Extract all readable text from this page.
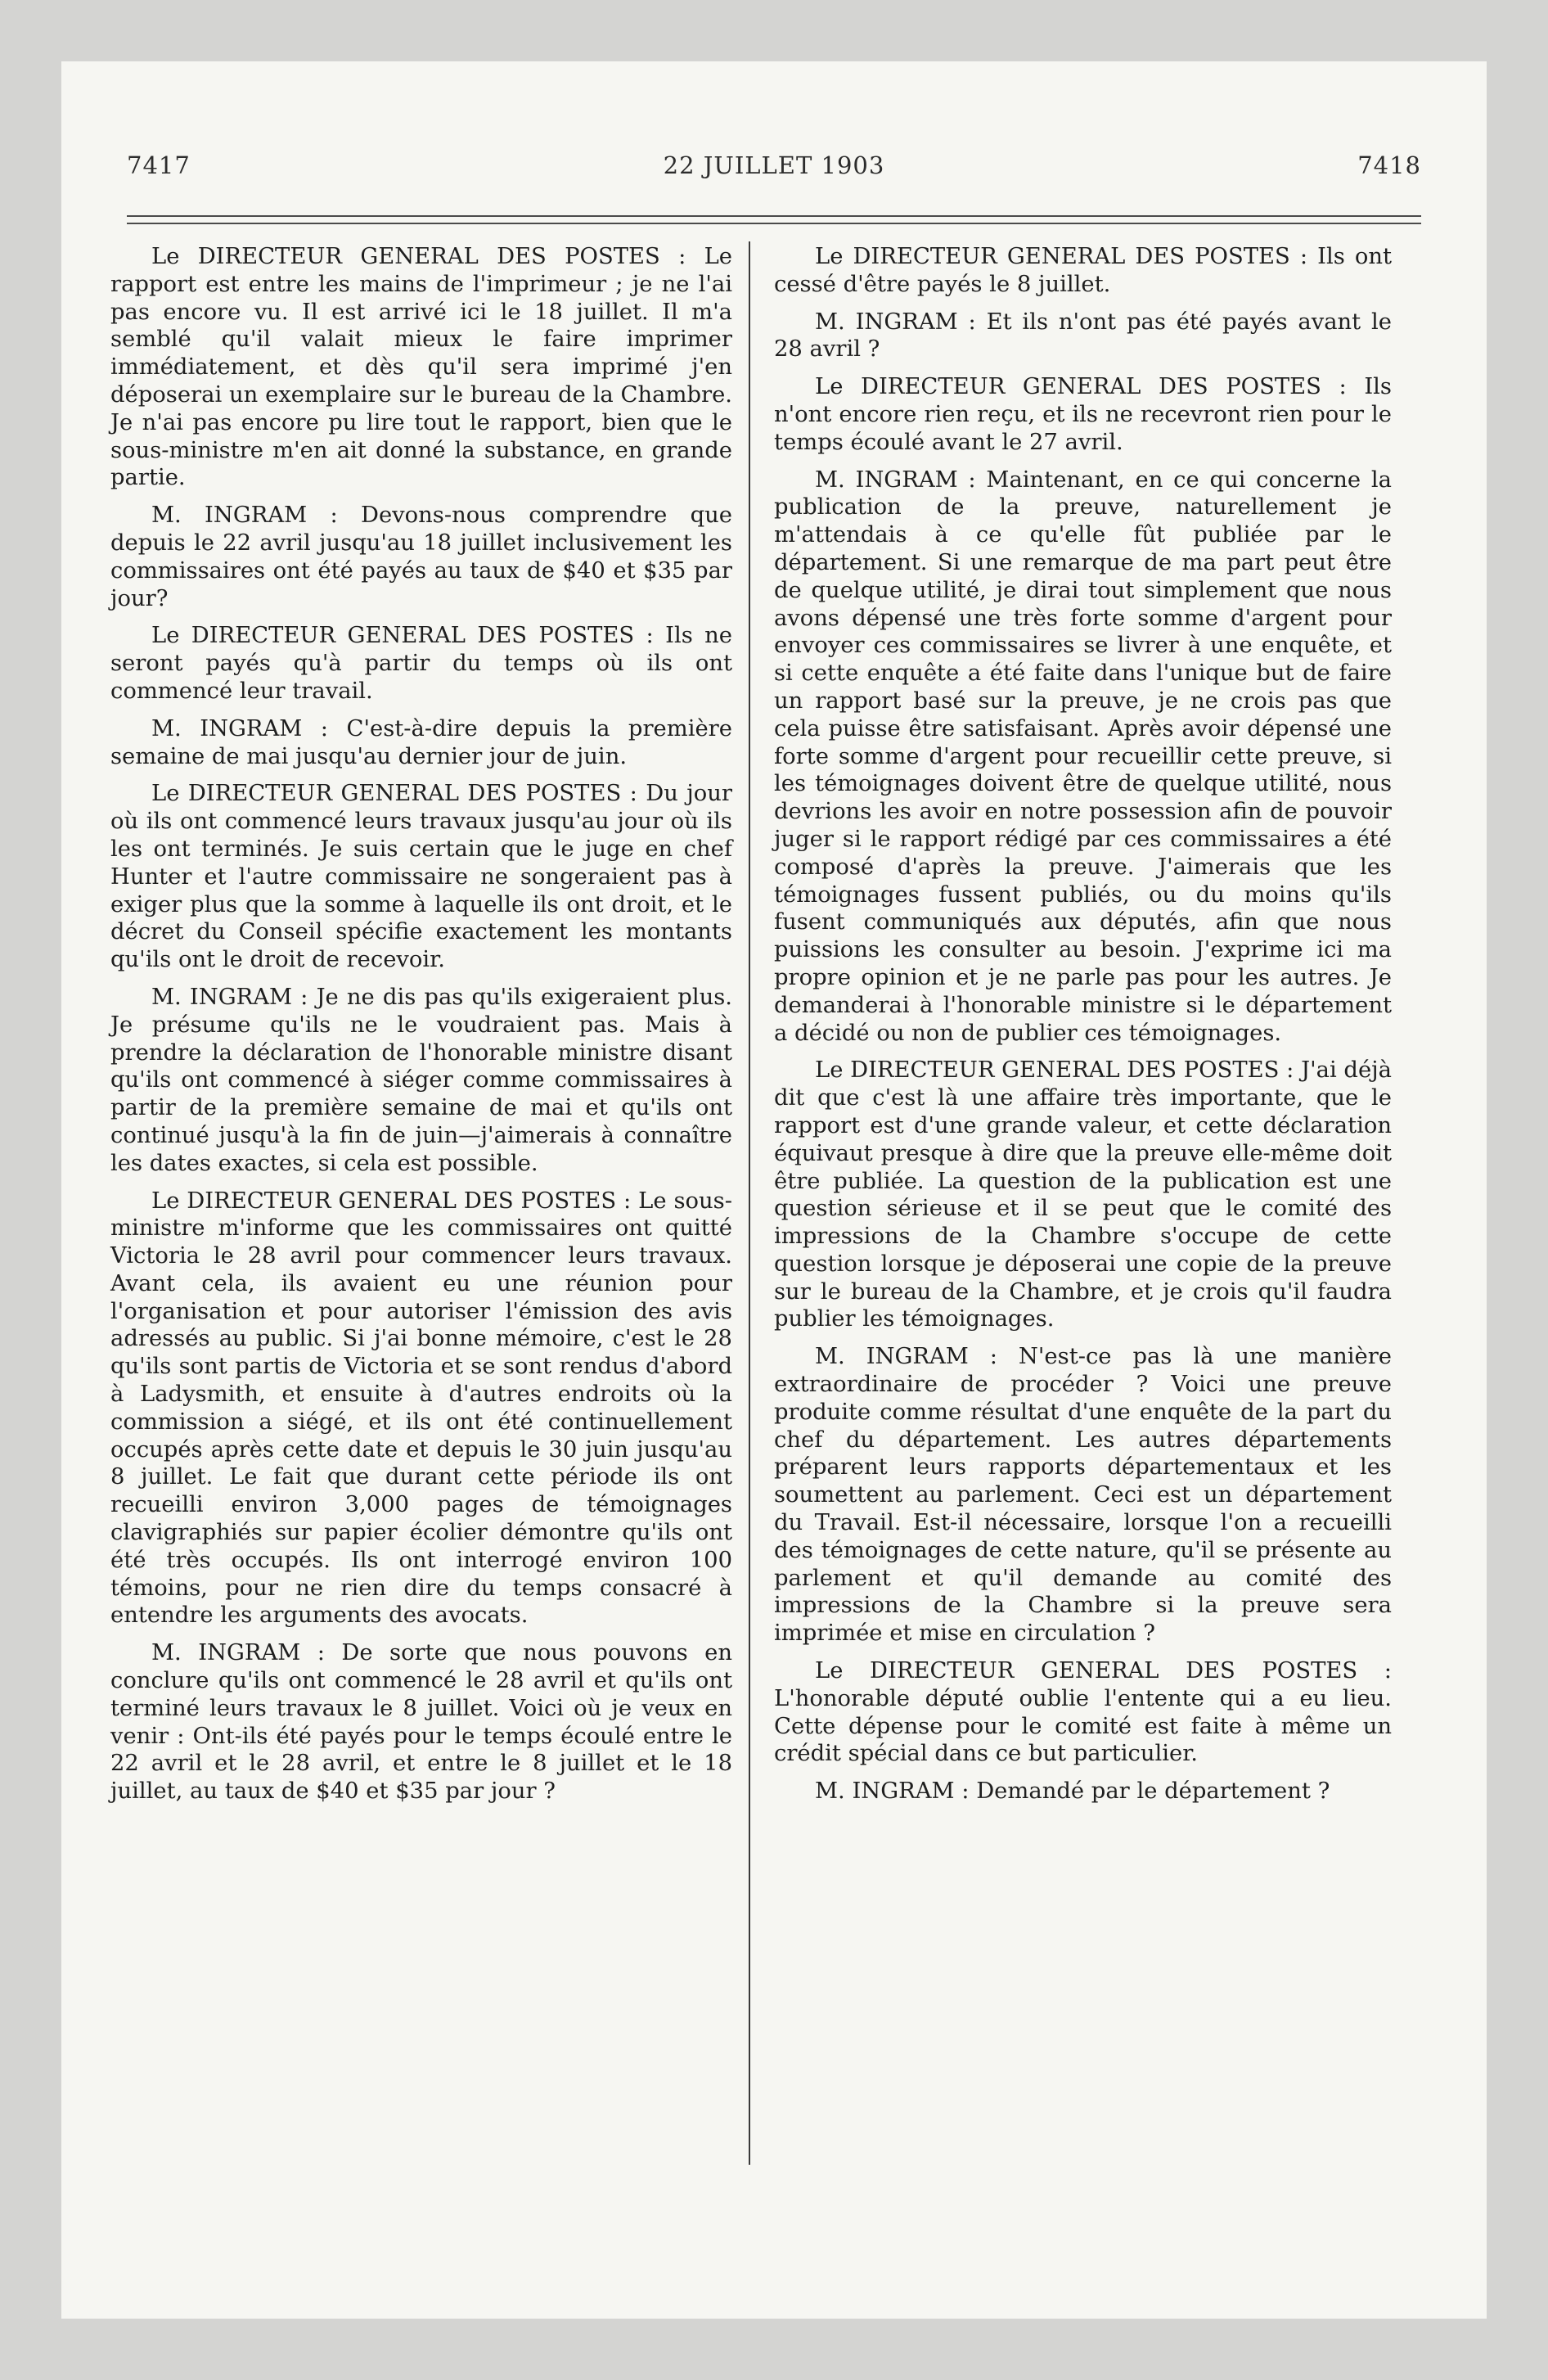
7417	22 JUILLET 1903	7418

Le DIRECTEUR GENERAL DES POSTES : Le rapport est entre les mains de l'imprimeur ; je ne l'ai pas encore vu. Il est arrivé ici le 18 juillet. Il m'a semblé qu'il valait mieux le faire imprimer immédiatement, et dès qu'il sera imprimé j'en déposerai un exemplaire sur le bureau de la Chambre. Je n'ai pas encore pu lire tout le rapport, bien que le sous-ministre m'en ait donné la substance, en grande partie.

M. INGRAM : Devons-nous comprendre que depuis le 22 avril jusqu'au 18 juillet inclusivement les commissaires ont été payés au taux de $40 et $35 par jour?

Le DIRECTEUR GENERAL DES POSTES : Ils ne seront payés qu'à partir du temps où ils ont commencé leur travail.

M. INGRAM : C'est-à-dire depuis la première semaine de mai jusqu'au dernier jour de juin.

Le DIRECTEUR GENERAL DES POSTES : Du jour où ils ont commencé leurs travaux jusqu'au jour où ils les ont terminés. Je suis certain que le juge en chef Hunter et l'autre commissaire ne songeraient pas à exiger plus que la somme à laquelle ils ont droit, et le décret du Conseil spécifie exactement les montants qu'ils ont le droit de recevoir.

M. INGRAM : Je ne dis pas qu'ils exigeraient plus. Je présume qu'ils ne le voudraient pas. Mais à prendre la déclaration de l'honorable ministre disant qu'ils ont commencé à siéger comme commissaires à partir de la première semaine de mai et qu'ils ont continué jusqu'à la fin de juin—j'aimerais à connaître les dates exactes, si cela est possible.

Le DIRECTEUR GENERAL DES POSTES : Le sous-ministre m'informe que les commissaires ont quitté Victoria le 28 avril pour commencer leurs travaux. Avant cela, ils avaient eu une réunion pour l'organisation et pour autoriser l'émission des avis adressés au public. Si j'ai bonne mémoire, c'est le 28 qu'ils sont partis de Victoria et se sont rendus d'abord à Ladysmith, et ensuite à d'autres endroits où la commission a siégé, et ils ont été continuellement occupés après cette date et depuis le 30 juin jusqu'au 8 juillet. Le fait que durant cette période ils ont recueilli environ 3,000 pages de témoignages clavigraphiés sur papier écolier démontre qu'ils ont été très occupés. Ils ont interrogé environ 100 témoins, pour ne rien dire du temps consacré à entendre les arguments des avocats.

M. INGRAM : De sorte que nous pouvons en conclure qu'ils ont commencé le 28 avril et qu'ils ont terminé leurs travaux le 8 juillet. Voici où je veux en venir : Ont-ils été payés pour le temps écoulé entre le 22 avril et le 28 avril, et entre le 8 juillet et le 18 juillet, au taux de $40 et $35 par jour ?

Le DIRECTEUR GENERAL DES POSTES : Ils ont cessé d'être payés le 8 juillet.

M. INGRAM : Et ils n'ont pas été payés avant le 28 avril ?

Le DIRECTEUR GENERAL DES POSTES : Ils n'ont encore rien reçu, et ils ne recevront rien pour le temps écoulé avant le 27 avril.

M. INGRAM : Maintenant, en ce qui concerne la publication de la preuve, naturellement je m'attendais à ce qu'elle fût publiée par le département. Si une remarque de ma part peut être de quelque utilité, je dirai tout simplement que nous avons dépensé une très forte somme d'argent pour envoyer ces commissaires se livrer à une enquête, et si cette enquête a été faite dans l'unique but de faire un rapport basé sur la preuve, je ne crois pas que cela puisse être satisfaisant. Après avoir dépensé une forte somme d'argent pour recueillir cette preuve, si les témoignages doivent être de quelque utilité, nous devrions les avoir en notre possession afin de pouvoir juger si le rapport rédigé par ces commissaires a été composé d'après la preuve. J'aimerais que les témoignages fussent publiés, ou du moins qu'ils fusent communiqués aux députés, afin que nous puissions les consulter au besoin. J'exprime ici ma propre opinion et je ne parle pas pour les autres. Je demanderai à l'honorable ministre si le département a décidé ou non de publier ces témoignages.

Le DIRECTEUR GENERAL DES POSTES : J'ai déjà dit que c'est là une affaire très importante, que le rapport est d'une grande valeur, et cette déclaration équivaut presque à dire que la preuve elle-même doit être publiée. La question de la publication est une question sérieuse et il se peut que le comité des impressions de la Chambre s'occupe de cette question lorsque je déposerai une copie de la preuve sur le bureau de la Chambre, et je crois qu'il faudra publier les témoignages.

M. INGRAM : N'est-ce pas là une manière extraordinaire de procéder ? Voici une preuve produite comme résultat d'une enquête de la part du chef du département. Les autres départements préparent leurs rapports départementaux et les soumettent au parlement. Ceci est un département du Travail. Est-il nécessaire, lorsque l'on a recueilli des témoignages de cette nature, qu'il se présente au parlement et qu'il demande au comité des impressions de la Chambre si la preuve sera imprimée et mise en circulation ?

Le DIRECTEUR GENERAL DES POSTES : L'honorable député oublie l'entente qui a eu lieu. Cette dépense pour le comité est faite à même un crédit spécial dans ce but particulier.

M. INGRAM : Demandé par le département ?
